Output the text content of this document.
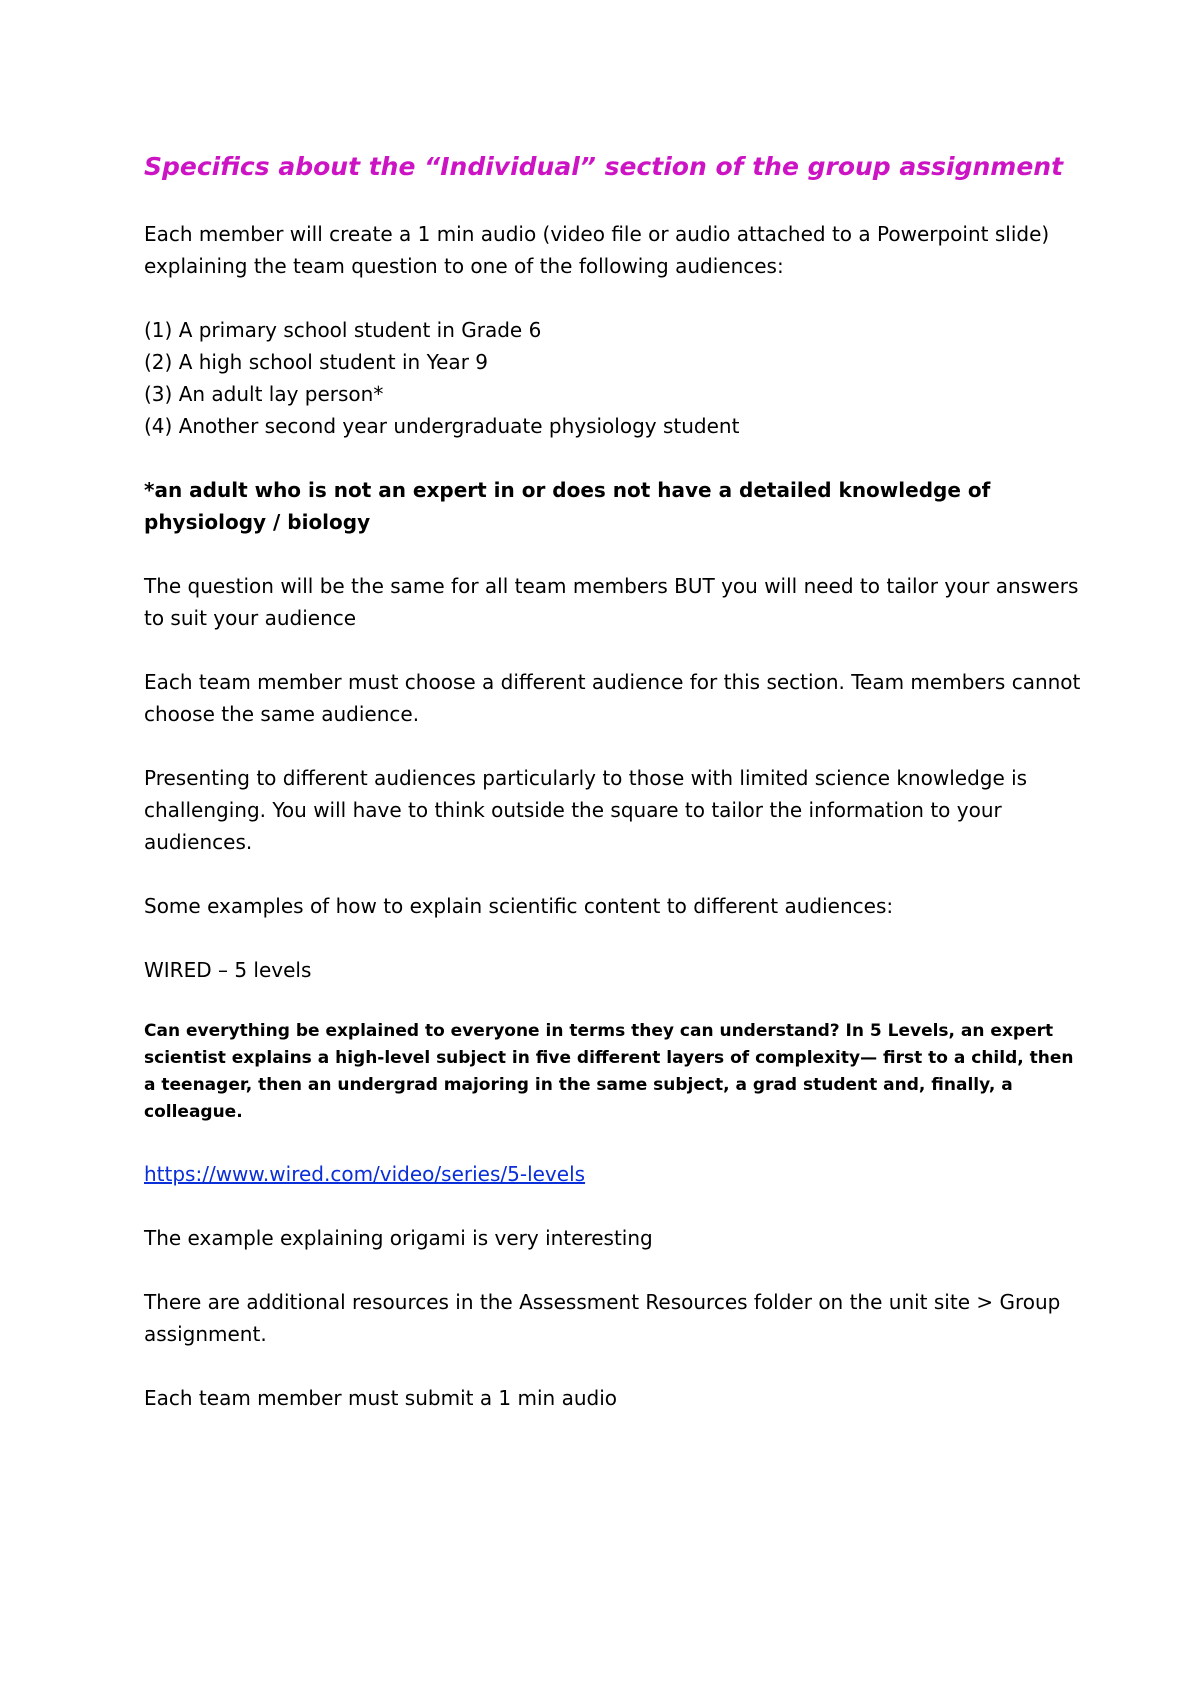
Specifics about the “Individual” section of the group assignment

Each member will create a 1 min audio (video file or audio attached to a Powerpoint slide) explaining the team question to one of the following audiences:

(1) A primary school student in Grade 6
(2) A high school student in Year 9
(3) An adult lay person*
(4) Another second year undergraduate physiology student

*an adult who is not an expert in or does not have a detailed knowledge of physiology / biology

The question will be the same for all team members BUT you will need to tailor your answers to suit your audience

Each team member must choose a different audience for this section. Team members cannot choose the same audience.

Presenting to different audiences particularly to those with limited science knowledge is challenging. You will have to think outside the square to tailor the information to your audiences.

Some examples of how to explain scientific content to different audiences:

WIRED – 5 levels

Can everything be explained to everyone in terms they can understand? In 5 Levels, an expert scientist explains a high-level subject in five different layers of complexity— first to a child, then a teenager, then an undergrad majoring in the same subject, a grad student and, finally, a colleague.

https://www.wired.com/video/series/5-levels

The example explaining origami is very interesting

There are additional resources in the Assessment Resources folder on the unit site > Group assignment.

Each team member must submit a 1 min audio
